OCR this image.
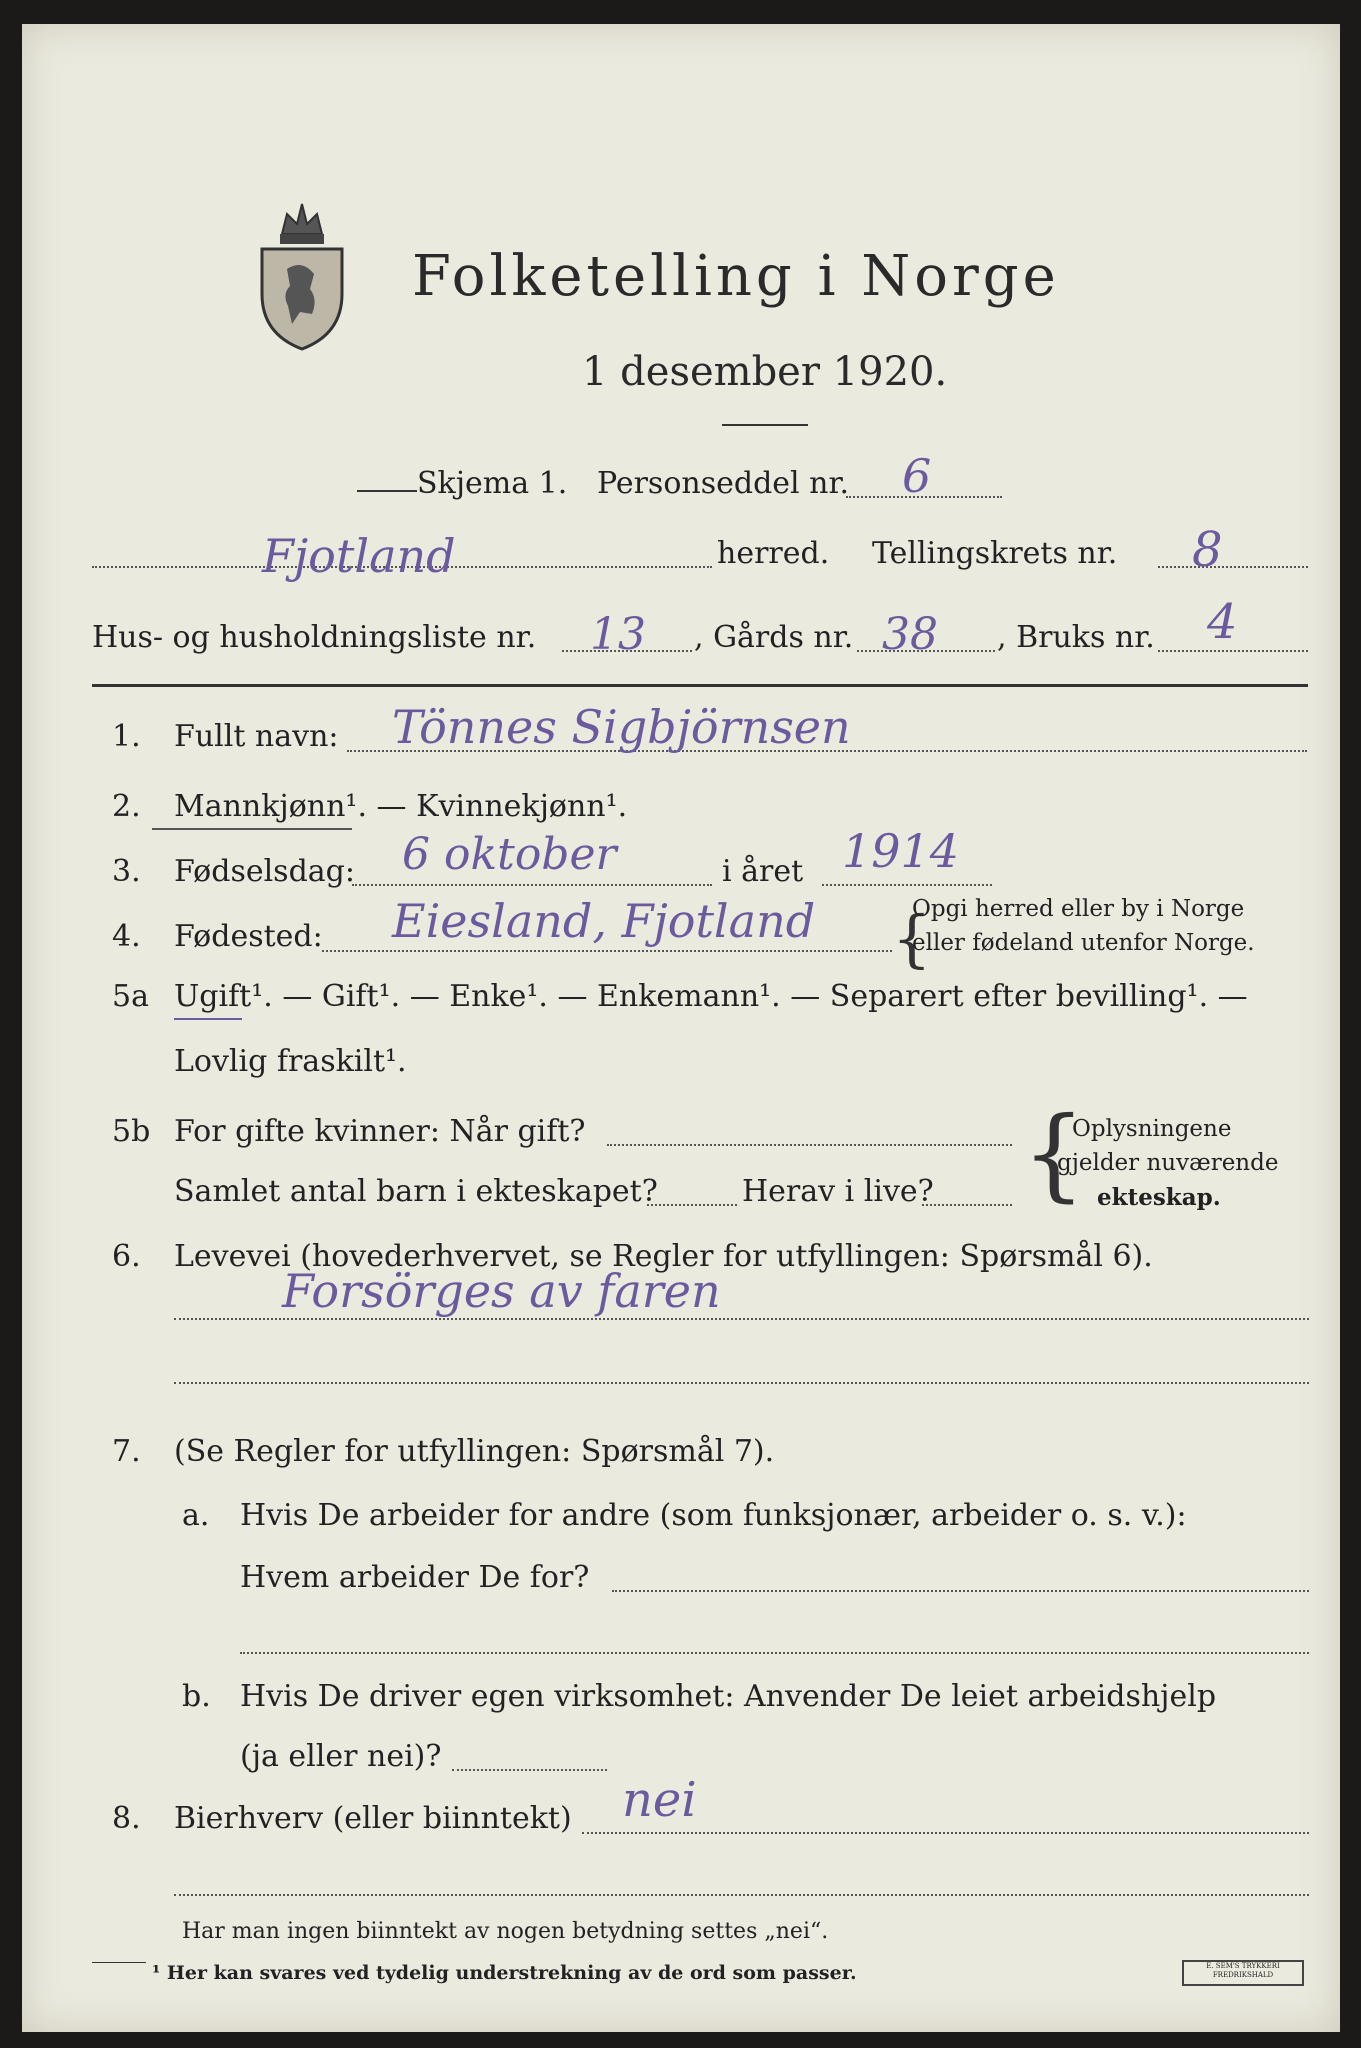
Folketelling i Norge
1 desember 1920.
Skjema 1. Personseddel nr. 6
Fjotland	herred. Tellingskrets nr. 8
Hus- og husholdningsliste nr. 13 , Gårds nr. 38 , Bruks nr. 4
1. Fullt navn: Tönnes Sigbjörnsen
2. Mannkjønn¹. — Kvinnekjønn¹.
3. Fødselsdag: 6 oktober	i året 1914
4. Fødested: Eiesland, Fjotland {
Opgi herred eller by i Norge
eller fødeland utenfor Norge.
5a Ugift¹. — Gift¹. — Enke¹. — Enkemann¹. — Separert efter bevilling¹. —
Lovlig fraskilt¹.
5b For gifte kvinner: Når gift?
Samlet antal barn i ekteskapet?	Herav i live? {
Oplysningene
gjelder nuværende
ekteskap.
6. Levevei (hovederhvervet, se Regler for utfyllingen: Spørsmål 6).
Forsörges av faren
7. (Se Regler for utfyllingen: Spørsmål 7).
a. Hvis De arbeider for andre (som funksjonær, arbeider o. s. v.):
Hvem arbeider De for?
b. Hvis De driver egen virksomhet: Anvender De leiet arbeidshjelp
(ja eller nei)?
8. Bierhverv (eller biinntekt) nei
Har man ingen biinntekt av nogen betydning settes „nei“.
¹ Her kan svares ved tydelig understrekning av de ord som passer.	E. SEM'S TRYKKERI FREDRIKSHALD
